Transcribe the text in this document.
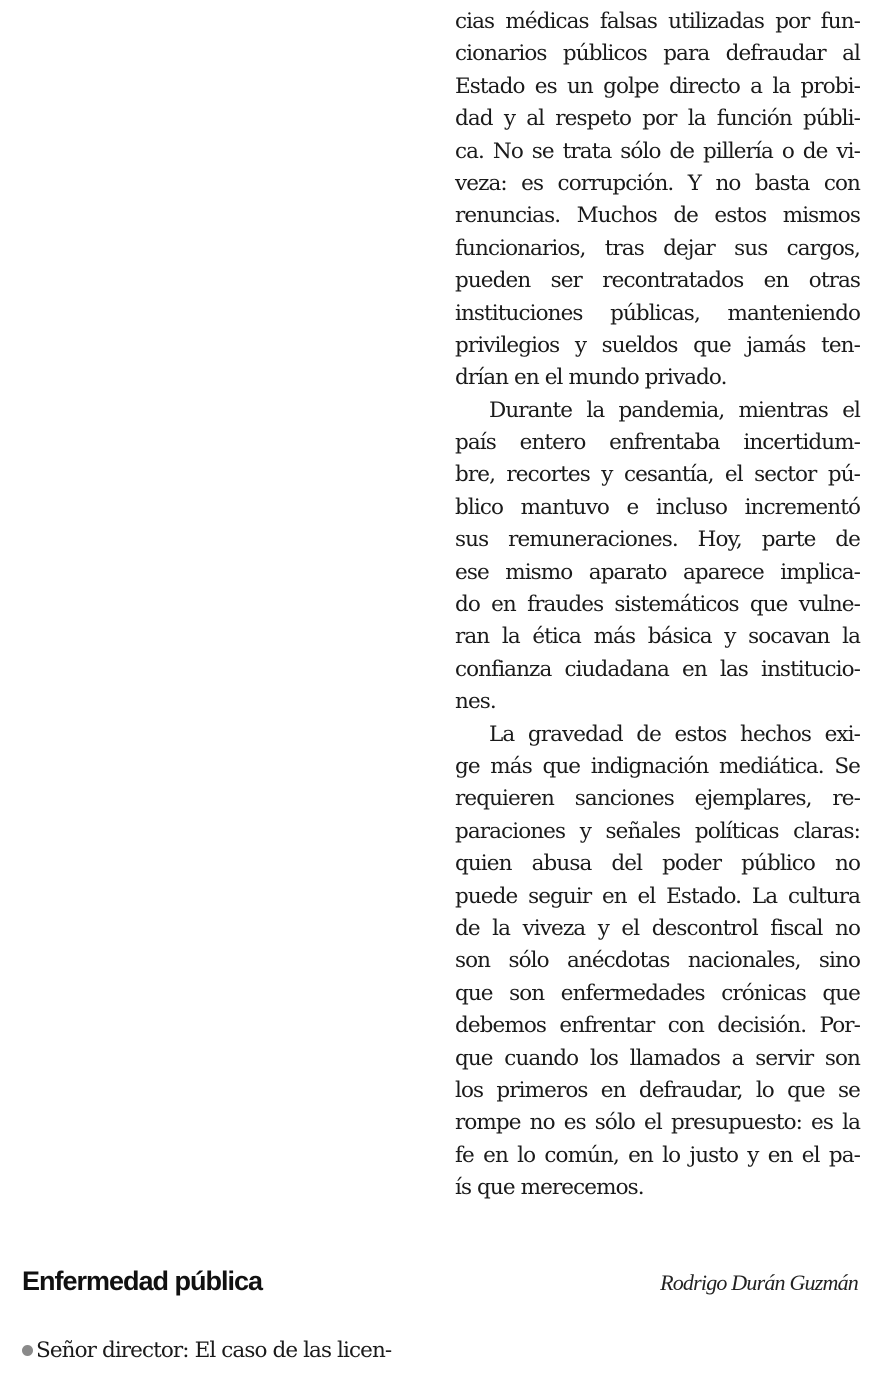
cias médicas falsas utilizadas por fun-
cionarios públicos para defraudar al
Estado es un golpe directo a la probi-
dad y al respeto por la función públi-
ca. No se trata sólo de pillería o de vi-
veza: es corrupción. Y no basta con
renuncias. Muchos de estos mismos
funcionarios, tras dejar sus cargos,
pueden ser recontratados en otras
instituciones públicas, manteniendo
privilegios y sueldos que jamás ten-
drían en el mundo privado.
Durante la pandemia, mientras el
país entero enfrentaba incertidum-
bre, recortes y cesantía, el sector pú-
blico mantuvo e incluso incrementó
sus remuneraciones. Hoy, parte de
ese mismo aparato aparece implica-
do en fraudes sistemáticos que vulne-
ran la ética más básica y socavan la
confianza ciudadana en las institucio-
nes.
La gravedad de estos hechos exi-
ge más que indignación mediática. Se
requieren sanciones ejemplares, re-
paraciones y señales políticas claras:
quien abusa del poder público no
puede seguir en el Estado. La cultura
de la viveza y el descontrol fiscal no
son sólo anécdotas nacionales, sino
que son enfermedades crónicas que
debemos enfrentar con decisión. Por-
que cuando los llamados a servir son
los primeros en defraudar, lo que se
rompe no es sólo el presupuesto: es la
fe en lo común, en lo justo y en el pa-
ís que merecemos.
Enfermedad pública	Rodrigo Durán Guzmán
Señor director: El caso de las licen-
